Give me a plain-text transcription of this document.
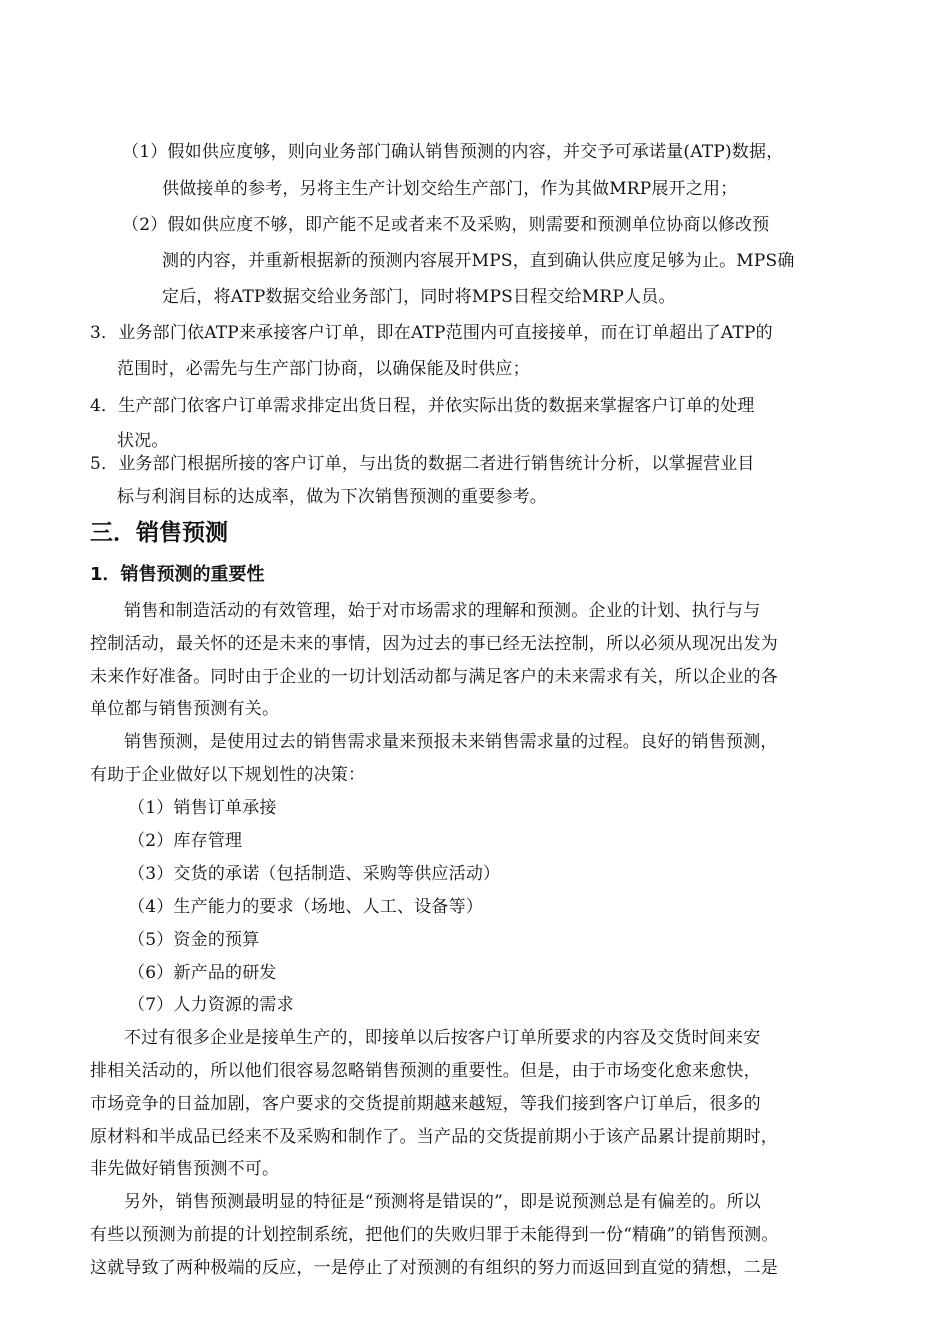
（1）假如供应度够，则向业务部门确认销售预测的内容，并交予可承诺量(ATP)数据，
供做接单的参考，另将主生产计划交给生产部门，作为其做MRP展开之用；
（2）假如供应度不够，即产能不足或者来不及采购，则需要和预测单位协商以修改预
测的内容，并重新根据新的预测内容展开MPS，直到确认供应度足够为止。MPS确
定后，将ATP数据交给业务部门，同时将MPS日程交给MRP人员。
3．业务部门依ATP来承接客户订单，即在ATP范围内可直接接单，而在订单超出了ATP的
范围时，必需先与生产部门协商，以确保能及时供应；
4．生产部门依客户订单需求排定出货日程，并依实际出货的数据来掌握客户订单的处理
状况。
5．业务部门根据所接的客户订单，与出货的数据二者进行销售统计分析，以掌握营业目
标与利润目标的达成率，做为下次销售预测的重要参考。
三．销售预测
1．销售预测的重要性
销售和制造活动的有效管理，始于对市场需求的理解和预测。企业的计划、执行与与
控制活动，最关怀的还是未来的事情，因为过去的事已经无法控制，所以必须从现况出发为
未来作好准备。同时由于企业的一切计划活动都与满足客户的未来需求有关，所以企业的各
单位都与销售预测有关。
销售预测，是使用过去的销售需求量来预报未来销售需求量的过程。良好的销售预测，
有助于企业做好以下规划性的决策：
（1）销售订单承接
（2）库存管理
（3）交货的承诺（包括制造、采购等供应活动）
（4）生产能力的要求（场地、人工、设备等）
（5）资金的预算
（6）新产品的研发
（7）人力资源的需求
不过有很多企业是接单生产的，即接单以后按客户订单所要求的内容及交货时间来安
排相关活动的，所以他们很容易忽略销售预测的重要性。但是，由于市场变化愈来愈快，
市场竞争的日益加剧，客户要求的交货提前期越来越短，等我们接到客户订单后，很多的
原材料和半成品已经来不及采购和制作了。当产品的交货提前期小于该产品累计提前期时，
非先做好销售预测不可。
另外，销售预测最明显的特征是“预测将是错误的”，即是说预测总是有偏差的。所以
有些以预测为前提的计划控制系统，把他们的失败归罪于未能得到一份“精确”的销售预测。
这就导致了两种极端的反应，一是停止了对预测的有组织的努力而返回到直觉的猜想，二是
